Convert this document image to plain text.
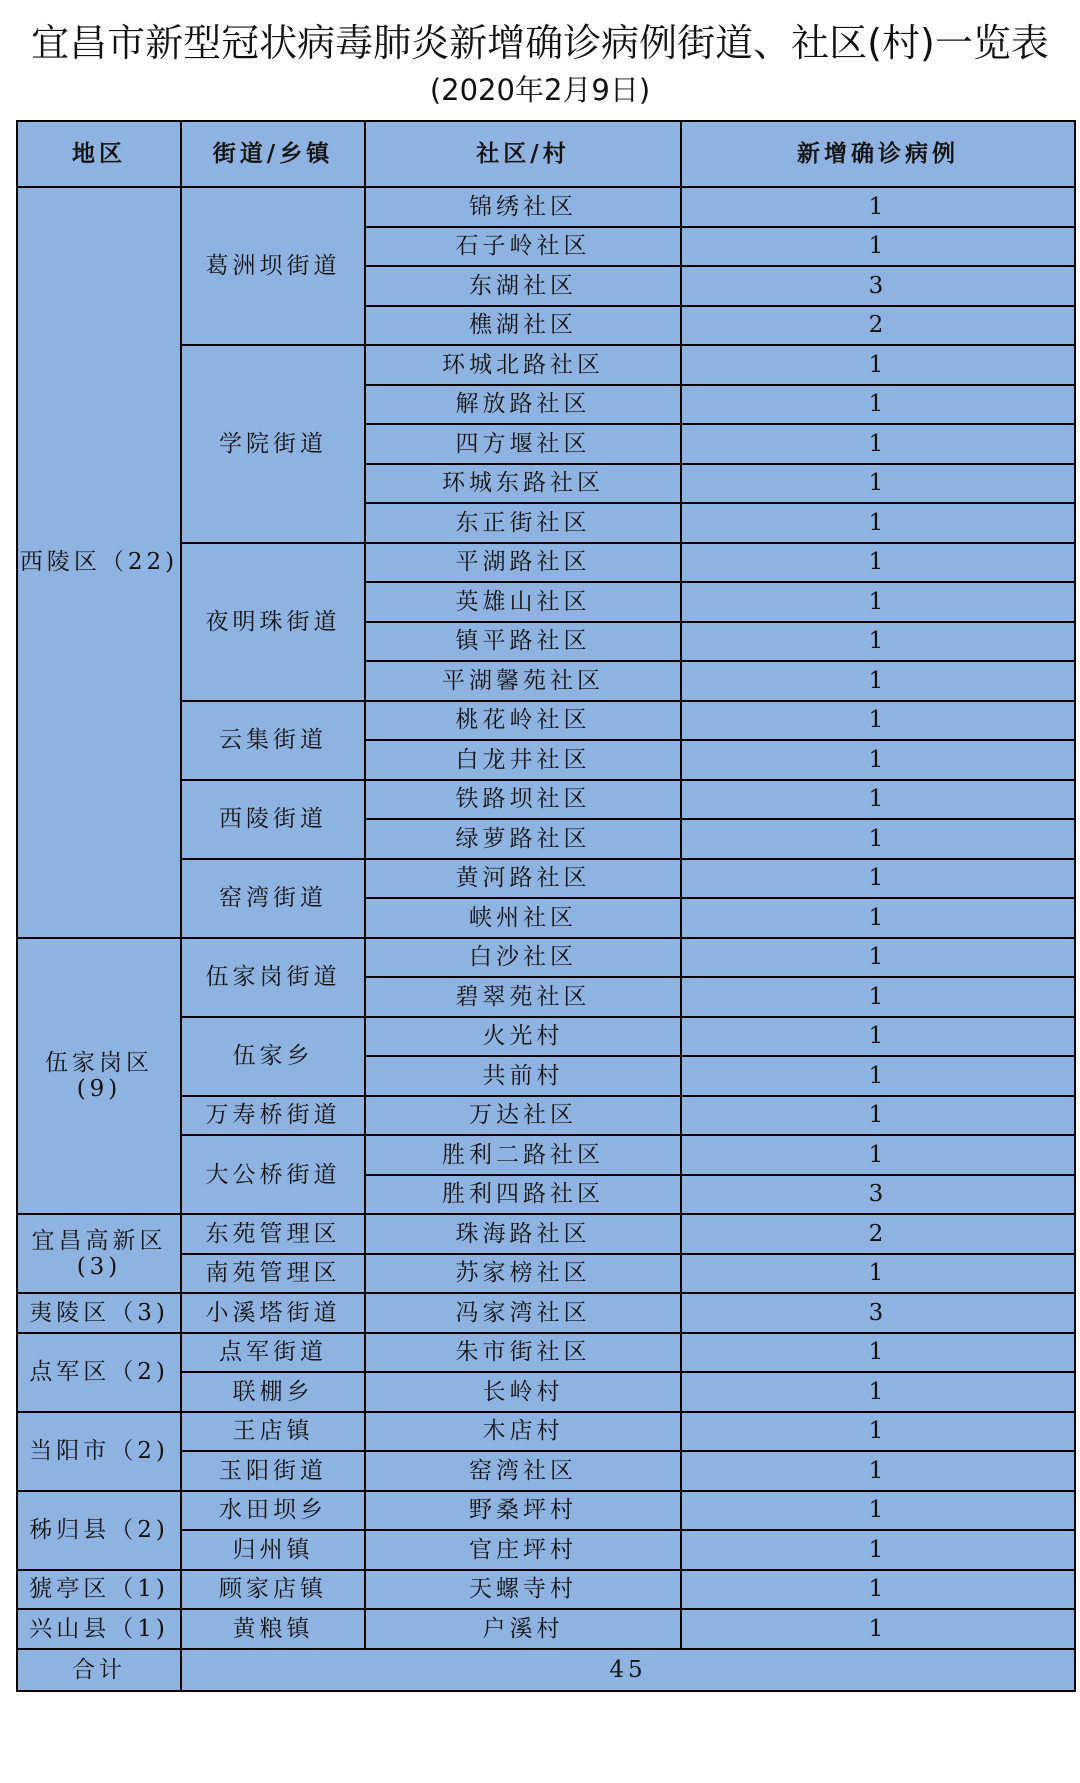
宜昌市新型冠状病毒肺炎新增确诊病例街道、社区(村)一览表
(2020年2月9日)
地区	街道/乡镇	社区/村	新增确诊病例
西陵区（22)	葛洲坝街道	锦绣社区	1
		石子岭社区	1
		东湖社区	3
		樵湖社区	2
	学院街道	环城北路社区	1
		解放路社区	1
		四方堰社区	1
		环城东路社区	1
		东正街社区	1
	夜明珠街道	平湖路社区	1
		英雄山社区	1
		镇平路社区	1
		平湖馨苑社区	1
	云集街道	桃花岭社区	1
		白龙井社区	1
	西陵街道	铁路坝社区	1
		绿萝路社区	1
	窑湾街道	黄河路社区	1
		峡州社区	1
伍家岗区
(9)	伍家岗街道	白沙社区	1
		碧翠苑社区	1
	伍家乡	火光村	1
		共前村	1
	万寿桥街道	万达社区	1
	大公桥街道	胜利二路社区	1
		胜利四路社区	3
宜昌高新区
(3)	东苑管理区	珠海路社区	2
	南苑管理区	苏家榜社区	1
夷陵区（3)	小溪塔街道	冯家湾社区	3
点军区（2)	点军街道	朱市街社区	1
	联棚乡	长岭村	1
当阳市（2)	王店镇	木店村	1
	玉阳街道	窑湾社区	1
秭归县（2)	水田坝乡	野桑坪村	1
	归州镇	官庄坪村	1
猇亭区（1)	顾家店镇	天螺寺村	1
兴山县（1)	黄粮镇	户溪村	1
合计	45		
